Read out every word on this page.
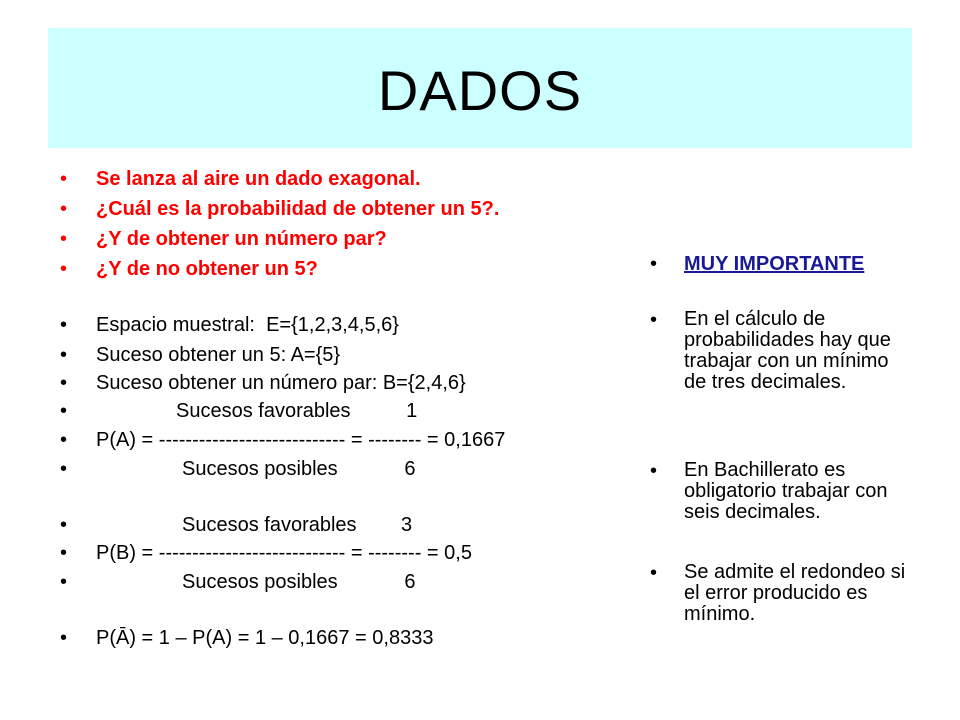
DADOS
• Se lanza al aire un dado exagonal.
• ¿Cuál es la probabilidad de obtener un 5?.
• ¿Y de obtener un número par?
• ¿Y de no obtener un 5?
• Espacio muestral:  E={1,2,3,4,5,6}
• Suceso obtener un 5: A={5}
• Suceso obtener un número par: B={2,4,6}
•	Sucesos favorables          1
• P(A) = ---------------------------- = -------- = 0,1667
•	Sucesos posibles            6
•	Sucesos favorables        3
• P(B) = ---------------------------- = -------- = 0,5
•	Sucesos posibles            6
• P(Ā) = 1 – P(A) = 1 – 0,1667 = 0,8333
• MUY IMPORTANTE
• En el cálculo de probabilidades hay que trabajar con un mínimo de tres decimales.
• En Bachillerato es obligatorio trabajar con seis decimales.
• Se admite el redondeo si el error producido es mínimo.
